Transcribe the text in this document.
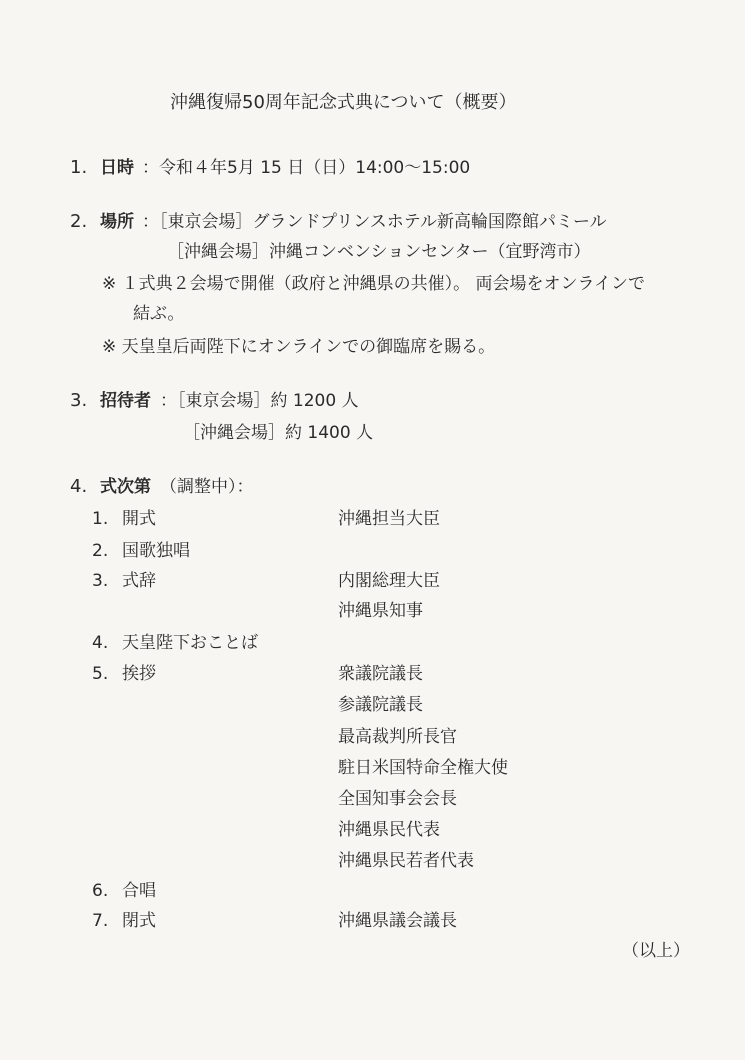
沖縄復帰50周年記念式典について（概要）
1. 日時 ：令和４年5月 15 日（日）14:00～15:00
2. 場所 ：［東京会場］グランドプリンスホテル新高輪国際館パミール
［沖縄会場］沖縄コンベンションセンター（宜野湾市）
※ １式典２会場で開催（政府と沖縄県の共催）。 両会場をオンラインで
結ぶ。
※ 天皇皇后両陛下にオンラインでの御臨席を賜る。
3. 招待者 ：［東京会場］約 1200 人
［沖縄会場］約 1400 人
4. 式次第 （調整中）：
1. 開式	沖縄担当大臣
2. 国歌独唱
3. 式辞	内閣総理大臣
沖縄県知事
4. 天皇陛下おことば
5. 挨拶	衆議院議長
参議院議長
最高裁判所長官
駐日米国特命全権大使
全国知事会会長
沖縄県民代表
沖縄県民若者代表
6. 合唱
7. 閉式	沖縄県議会議長
（以上）
